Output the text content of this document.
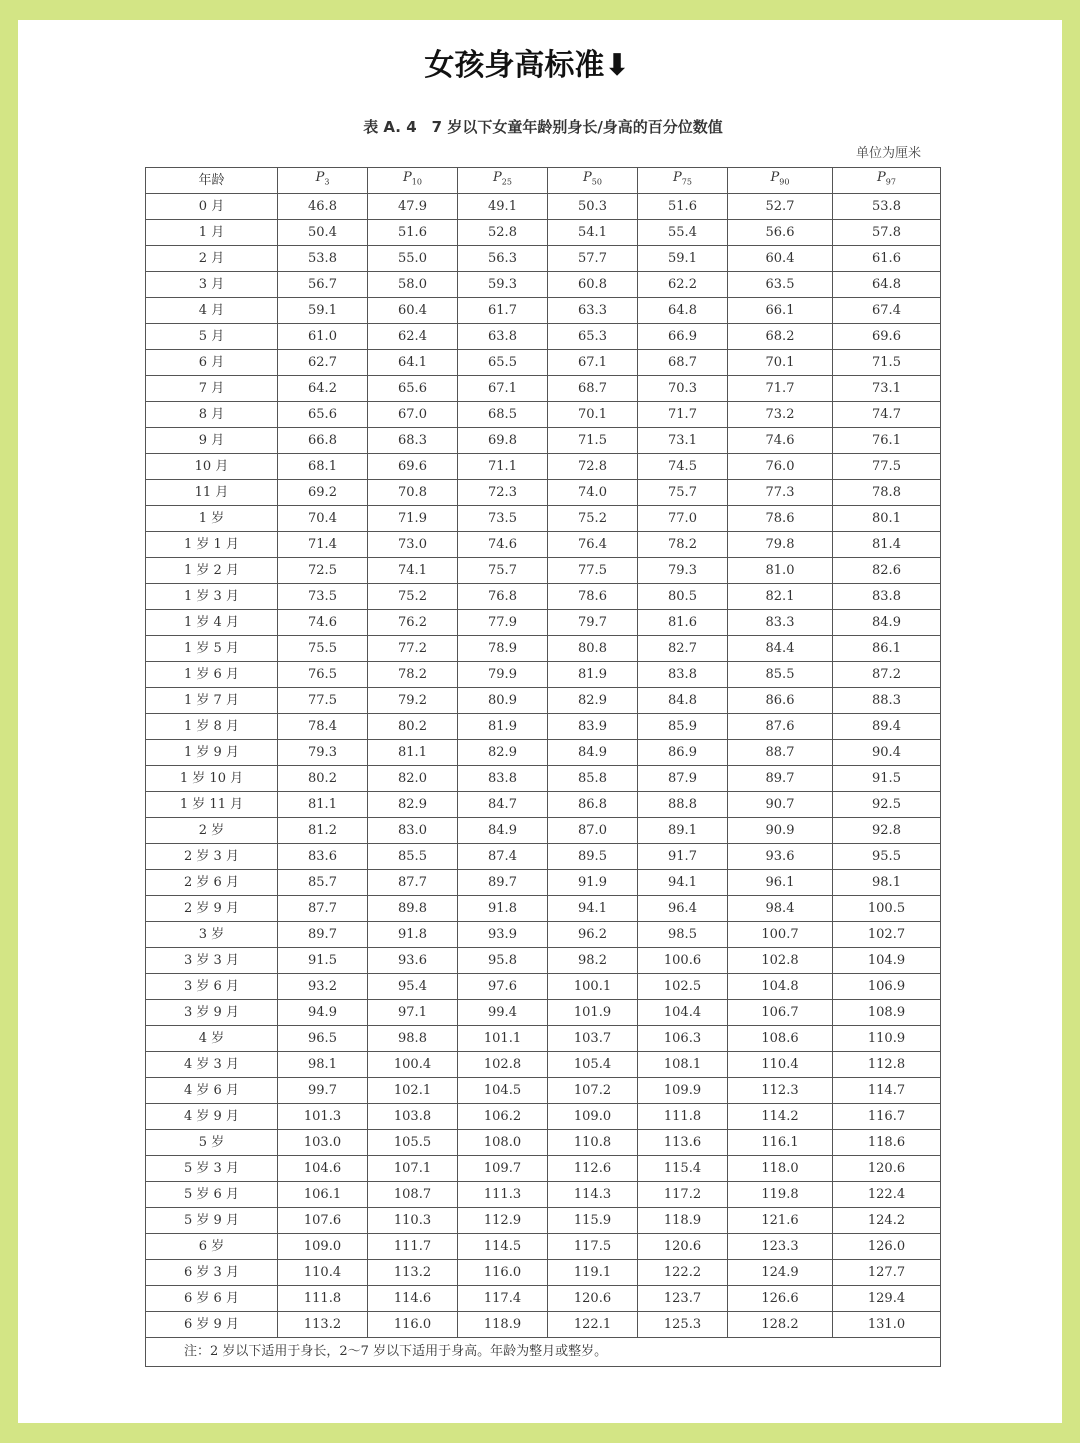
女孩身高标准⬇
表 A. 4　7 岁以下女童年龄别身长/身高的百分位数值
单位为厘米
年龄	$P_3$	$P_{10}$	$P_{25}$	$P_{50}$	$P_{75}$	$P_{90}$	$P_{97}$
0 月	46.8	47.9	49.1	50.3	51.6	52.7	53.8
1 月	50.4	51.6	52.8	54.1	55.4	56.6	57.8
2 月	53.8	55.0	56.3	57.7	59.1	60.4	61.6
3 月	56.7	58.0	59.3	60.8	62.2	63.5	64.8
4 月	59.1	60.4	61.7	63.3	64.8	66.1	67.4
5 月	61.0	62.4	63.8	65.3	66.9	68.2	69.6
6 月	62.7	64.1	65.5	67.1	68.7	70.1	71.5
7 月	64.2	65.6	67.1	68.7	70.3	71.7	73.1
8 月	65.6	67.0	68.5	70.1	71.7	73.2	74.7
9 月	66.8	68.3	69.8	71.5	73.1	74.6	76.1
10 月	68.1	69.6	71.1	72.8	74.5	76.0	77.5
11 月	69.2	70.8	72.3	74.0	75.7	77.3	78.8
1 岁	70.4	71.9	73.5	75.2	77.0	78.6	80.1
1 岁 1 月	71.4	73.0	74.6	76.4	78.2	79.8	81.4
1 岁 2 月	72.5	74.1	75.7	77.5	79.3	81.0	82.6
1 岁 3 月	73.5	75.2	76.8	78.6	80.5	82.1	83.8
1 岁 4 月	74.6	76.2	77.9	79.7	81.6	83.3	84.9
1 岁 5 月	75.5	77.2	78.9	80.8	82.7	84.4	86.1
1 岁 6 月	76.5	78.2	79.9	81.9	83.8	85.5	87.2
1 岁 7 月	77.5	79.2	80.9	82.9	84.8	86.6	88.3
1 岁 8 月	78.4	80.2	81.9	83.9	85.9	87.6	89.4
1 岁 9 月	79.3	81.1	82.9	84.9	86.9	88.7	90.4
1 岁 10 月	80.2	82.0	83.8	85.8	87.9	89.7	91.5
1 岁 11 月	81.1	82.9	84.7	86.8	88.8	90.7	92.5
2 岁	81.2	83.0	84.9	87.0	89.1	90.9	92.8
2 岁 3 月	83.6	85.5	87.4	89.5	91.7	93.6	95.5
2 岁 6 月	85.7	87.7	89.7	91.9	94.1	96.1	98.1
2 岁 9 月	87.7	89.8	91.8	94.1	96.4	98.4	100.5
3 岁	89.7	91.8	93.9	96.2	98.5	100.7	102.7
3 岁 3 月	91.5	93.6	95.8	98.2	100.6	102.8	104.9
3 岁 6 月	93.2	95.4	97.6	100.1	102.5	104.8	106.9
3 岁 9 月	94.9	97.1	99.4	101.9	104.4	106.7	108.9
4 岁	96.5	98.8	101.1	103.7	106.3	108.6	110.9
4 岁 3 月	98.1	100.4	102.8	105.4	108.1	110.4	112.8
4 岁 6 月	99.7	102.1	104.5	107.2	109.9	112.3	114.7
4 岁 9 月	101.3	103.8	106.2	109.0	111.8	114.2	116.7
5 岁	103.0	105.5	108.0	110.8	113.6	116.1	118.6
5 岁 3 月	104.6	107.1	109.7	112.6	115.4	118.0	120.6
5 岁 6 月	106.1	108.7	111.3	114.3	117.2	119.8	122.4
5 岁 9 月	107.6	110.3	112.9	115.9	118.9	121.6	124.2
6 岁	109.0	111.7	114.5	117.5	120.6	123.3	126.0
6 岁 3 月	110.4	113.2	116.0	119.1	122.2	124.9	127.7
6 岁 6 月	111.8	114.6	117.4	120.6	123.7	126.6	129.4
6 岁 9 月	113.2	116.0	118.9	122.1	125.3	128.2	131.0
注：2 岁以下适用于身长，2～7 岁以下适用于身高。年龄为整月或整岁。							
